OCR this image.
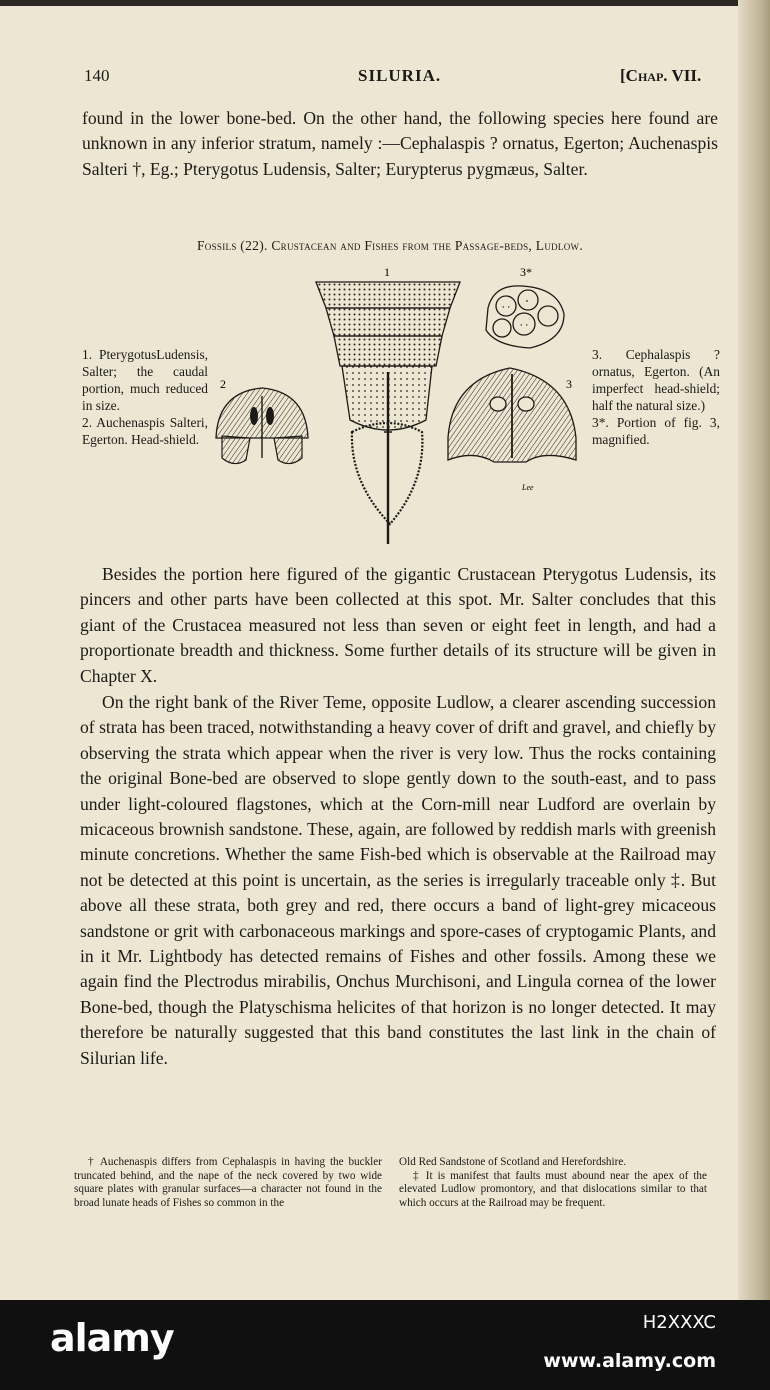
140	SILURIA.	[Chap. VII.

found in the lower bone-bed. On the other hand, the following species here found are unknown in any inferior stratum, namely :—Cephalaspis ? ornatus, Egerton; Auchenaspis Salteri †, Eg.; Pterygotus Ludensis, Salter; Eurypterus pygmæus, Salter.

Fossils (22). Crustacean and Fishes from the Passage-beds, Ludlow.
1. PterygotusLudensis, Salter; the caudal portion, much reduced in size.
2. Auchenaspis Salteri, Egerton. Head-shield.
1
2
3*
3
Lee
3. Cephalaspis ? ornatus, Egerton. (An imperfect head-shield; half the natural size.)
3*. Portion of fig. 3, magnified.

Besides the portion here figured of the gigantic Crustacean Pterygotus Ludensis, its pincers and other parts have been collected at this spot. Mr. Salter concludes that this giant of the Crustacea measured not less than seven or eight feet in length, and had a proportionate breadth and thickness. Some further details of its structure will be given in Chapter X.

On the right bank of the River Teme, opposite Ludlow, a clearer ascending succession of strata has been traced, notwithstanding a heavy cover of drift and gravel, and chiefly by observing the strata which appear when the river is very low. Thus the rocks containing the original Bone-bed are observed to slope gently down to the south-east, and to pass under light-coloured flagstones, which at the Corn-mill near Ludford are overlain by micaceous brownish sandstone. These, again, are followed by reddish marls with greenish minute concretions. Whether the same Fish-bed which is observable at the Railroad may not be detected at this point is uncertain, as the series is irregularly traceable only ‡. But above all these strata, both grey and red, there occurs a band of light-grey micaceous sandstone or grit with carbonaceous markings and spore-cases of cryptogamic Plants, and in it Mr. Lightbody has detected remains of Fishes and other fossils. Among these we again find the Plectrodus mirabilis, Onchus Murchisoni, and Lingula cornea of the lower Bone-bed, though the Platyschisma helicites of that horizon is no longer detected. It may therefore be naturally suggested that this band constitutes the last link in the chain of Silurian life.

† Auchenaspis differs from Cephalaspis in having the buckler truncated behind, and the nape of the neck covered by two wide square plates with granular surfaces—a character not found in the broad lunate heads of Fishes so common in the

Old Red Sandstone of Scotland and Herefordshire.

‡ It is manifest that faults must abound near the apex of the elevated Ludlow promontory, and that dislocations similar to that which occurs at the Railroad may be frequent.

alamy	H2XXXC
www.alamy.com
